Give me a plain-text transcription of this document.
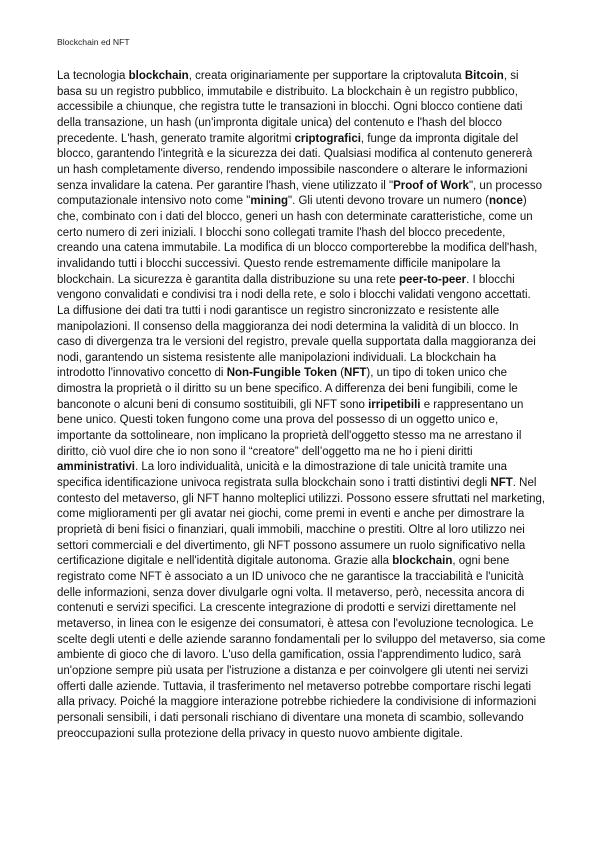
Blockchain ed NFT

La tecnologia blockchain, creata originariamente per supportare la criptovaluta Bitcoin, si basa su un registro pubblico, immutabile e distribuito. La blockchain è un registro pubblico, accessibile a chiunque, che registra tutte le transazioni in blocchi. Ogni blocco contiene dati della transazione, un hash (un'impronta digitale unica) del contenuto e l'hash del blocco precedente. L'hash, generato tramite algoritmi criptografici, funge da impronta digitale del blocco, garantendo l'integrità e la sicurezza dei dati. Qualsiasi modifica al contenuto genererà un hash completamente diverso, rendendo impossibile nascondere o alterare le informazioni senza invalidare la catena. Per garantire l'hash, viene utilizzato il "Proof of Work", un processo computazionale intensivo noto come "mining". Gli utenti devono trovare un numero (nonce) che, combinato con i dati del blocco, generi un hash con determinate caratteristiche, come un certo numero di zeri iniziali. I blocchi sono collegati tramite l'hash del blocco precedente, creando una catena immutabile. La modifica di un blocco comporterebbe la modifica dell'hash, invalidando tutti i blocchi successivi. Questo rende estremamente difficile manipolare la blockchain. La sicurezza è garantita dalla distribuzione su una rete peer-to-peer. I blocchi vengono convalidati e condivisi tra i nodi della rete, e solo i blocchi validati vengono accettati. La diffusione dei dati tra tutti i nodi garantisce un registro sincronizzato e resistente alle manipolazioni. Il consenso della maggioranza dei nodi determina la validità di un blocco. In caso di divergenza tra le versioni del registro, prevale quella supportata dalla maggioranza dei nodi, garantendo un sistema resistente alle manipolazioni individuali. La blockchain ha introdotto l'innovativo concetto di Non-Fungible Token (NFT), un tipo di token unico che dimostra la proprietà o il diritto su un bene specifico. A differenza dei beni fungibili, come le banconote o alcuni beni di consumo sostituibili, gli NFT sono irripetibili e rappresentano un bene unico. Questi token fungono come una prova del possesso di un oggetto unico e, importante da sottolineare, non implicano la proprietà dell'oggetto stesso ma ne arrestano il diritto, ciò vuol dire che io non sono il “creatore” dell’oggetto ma ne ho i pieni diritti amministrativi. La loro individualità, unicità e la dimostrazione di tale unicità tramite una specifica identificazione univoca registrata sulla blockchain sono i tratti distintivi degli NFT. Nel contesto del metaverso, gli NFT hanno molteplici utilizzi. Possono essere sfruttati nel marketing, come miglioramenti per gli avatar nei giochi, come premi in eventi e anche per dimostrare la proprietà di beni fisici o finanziari, quali immobili, macchine o prestiti. Oltre al loro utilizzo nei settori commerciali e del divertimento, gli NFT possono assumere un ruolo significativo nella certificazione digitale e nell'identità digitale autonoma. Grazie alla blockchain, ogni bene registrato come NFT è associato a un ID univoco che ne garantisce la tracciabilità e l'unicità delle informazioni, senza dover divulgarle ogni volta. Il metaverso, però, necessita ancora di contenuti e servizi specifici. La crescente integrazione di prodotti e servizi direttamente nel metaverso, in linea con le esigenze dei consumatori, è attesa con l'evoluzione tecnologica. Le scelte degli utenti e delle aziende saranno fondamentali per lo sviluppo del metaverso, sia come ambiente di gioco che di lavoro. L'uso della gamification, ossia l'apprendimento ludico, sarà un'opzione sempre più usata per l'istruzione a distanza e per coinvolgere gli utenti nei servizi offerti dalle aziende. Tuttavia, il trasferimento nel metaverso potrebbe comportare rischi legati alla privacy. Poiché la maggiore interazione potrebbe richiedere la condivisione di informazioni personali sensibili, i dati personali rischiano di diventare una moneta di scambio, sollevando preoccupazioni sulla protezione della privacy in questo nuovo ambiente digitale.
